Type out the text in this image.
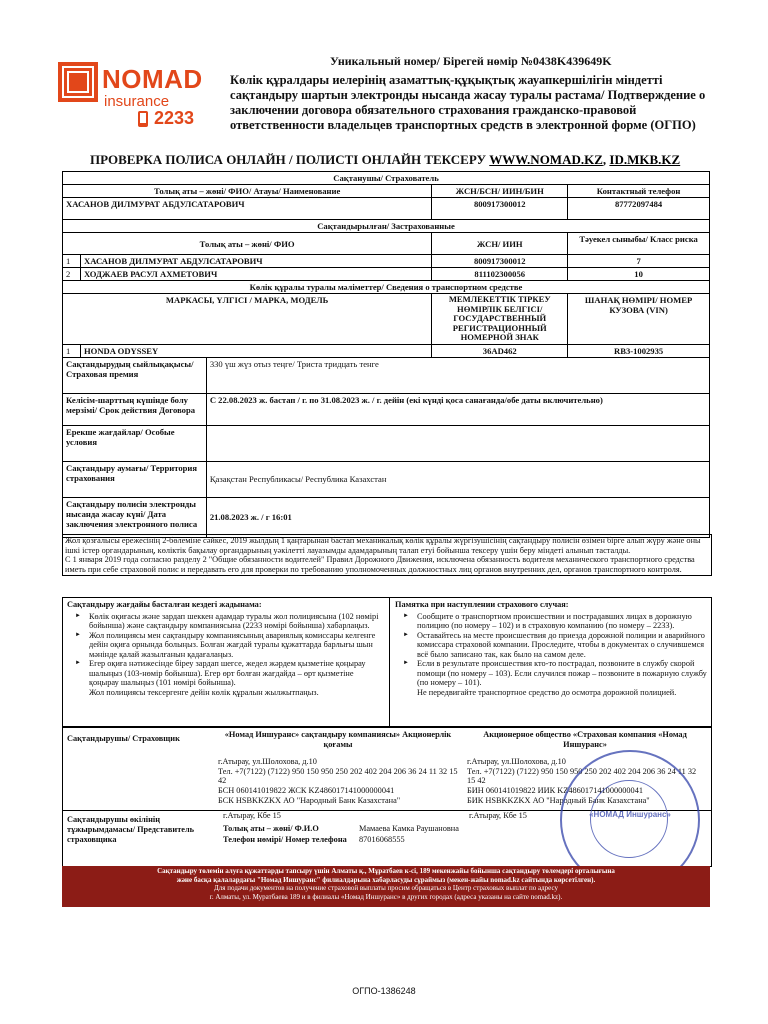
NOMAD
insurance
2233
Уникальный номер/ Бірегей нөмір №0438K439649K
Көлік құралдары иелерінің азаматтық-құқықтық жауапкершілігін міндетті сақтандыру шартын электронды нысанда жасау туралы растама/ Подтверждение о заключении договора обязательного страхования гражданско-правовой ответственности владельцев транспортных средств в электронной форме (ОГПО)
ПРОВЕРКА ПОЛИСА ОНЛАЙН / ПОЛИСТІ ОНЛАЙН ТЕКСЕРУ WWW.NOMAD.KZ, ID.MKB.KZ
Сақтанушы/ Страхователь				
Толық аты – жөні/ ФИО/ Атауы/ Наименование			ЖСН/БСН/ ИИН/БИН	Контактный телефон
ХАСАНОВ ДИЛМУРАТ АБДУЛСАТАРОВИЧ			800917300012	87772097484
Сақтандырылған/ Застрахованные				
Толық аты – жөні/ ФИО			ЖСН/ ИИН	Тәуекел сыныбы/ Класс риска
1	ХАСАНОВ ДИЛМУРАТ АБДУЛСАТАРОВИЧ		800917300012	7
2	ХОДЖАЕВ РАСУЛ АХМЕТОВИЧ		811102300056	10
Көлік құралы туралы мәліметтер/ Сведения о транспортном средстве				
МАРКАСЫ, ҮЛГІСІ / МАРКА, МОДЕЛЬ			МЕМЛЕКЕТТІК ТІРКЕУ НӨМІРЛІК БЕЛГІСІ/ ГОСУДАРСТВЕННЫЙ РЕГИСТРАЦИОННЫЙ НОМЕРНОЙ ЗНАК	ШАНАҚ НӨМІРІ/ НОМЕР КУЗОВА (VIN)
1	HONDA ODYSSEY		36AD462	RB3-1002935
Сақтандырудың сыйлықақысы/ Страховая премия		330 үш жүз отыз теңге/ Триста тридцать тенге		
Келісім-шарттың күшінде болу мерзімі/ Срок действия Договора		С 22.08.2023 ж. бастап / г. по 31.08.2023 ж. / г. дейін (екі күнді қоса санағанда/обе даты включительно)		
Ерекше жағдайлар/ Особые условия				
Сақтандыру аумағы/ Территория страхования		Қазақстан Республикасы/ Республика Казахстан		
Сақтандыру полисін электронды нысанда жасау күні/ Дата заключения электронного полиса		21.08.2023 ж. / г 16:01		
Жол қозғалысы ережесінің 2-бөлеміне сәйкес, 2019 жылдың 1 қаңтарынан бастап механикалық көлік құралы жүргізушісінің сақтандыру полисін өзімен бірге алып жүру және оны ішкі істер органдарының, көліктік бақылау органдарының уәкілетті лауазымды адамдарының талап етуі бойынша тексеру үшін беру міндеті алынып тасталды.
С 1 января 2019 года согласно разделу 2 "Общие обязанности водителей" Правил Дорожного Движения, исключена обязанность водителя механического транспортного средства иметь при себе страховой полис и передавать его для проверки по требованию уполномоченных должностных лиц органов внутренних дел, органов транспортного контроля.
Сақтандыру жағдайы басталған кездегі жадынама:
► Көлік оқиғасы және зардап шеккен адамдар туралы жол полициясына (102 нөмірі бойынша) және сақтандыру компаниясына (2233 нөмірі бойынша) хабарлаңыз.
► Жол полициясы мен сақтандыру компаниясының авариялық комиссары келгенге дейін оқиға орнында болыңыз. Болған жағдай туралы құжаттарда барлығы шын мәнінде қалай жазылғанын қадағалаңыз.
► Егер оқиға нәтижесінде біреу зардап шегсе, жедел жәрдем қызметіне қоңырау шалыңыз (103-нөмір бойынша). Егер өрт болған жағдайда – өрт қызметіне қоңырау шалыңыз (101 нөмірі бойынша).
Жол полициясы тексергенге дейін көлік құралын жылжытпаңыз.
Памятка при наступлении страхового случая:
► Сообщите о транспортном происшествии и пострадавших лицах в дорожную полицию (по номеру – 102) и в страховую компанию (по номеру – 2233).
► Оставайтесь на месте происшествия до приезда дорожной полиции и аварийного комиссара страховой компании. Проследите, чтобы в документах о случившемся всё было записано так, как было на самом деле.
► Если в результате происшествия кто-то пострадал, позвоните в службу скорой помощи (по номеру – 103). Если случился пожар – позвоните в пожарную службу (по номеру – 101).
Не передвигайте транспортное средство до осмотра дорожной полицией.
Сақтандырушы/ Страховщик	«Номад Иншуранс» сақтандыру компаниясы» Акционерлік қоғамы
г.Атырау, ул.Шолохова, д.10
Тел. +7(7122) (7122) 950 150 950 250 202 402 204 206 36 24 11 32 15 42
БСН 060141019822 ЖСК KZ486017141000000041
БСК HSBKKZKX АО "Народный Банк Казахстана"
Акционерное общество «Страховая компания «Номад Иншуранс»
г.Атырау, ул.Шолохова, д.10
Тел. +7(7122) (7122) 950 150 950 250 202 402 204 206 36 24 11 32 15 42
БИН 060141019822 ИИК KZ486017141000000041
БИК HSBKKZKX АО "Народный Банк Казахстана"
Сақтандырушы өкілінің тұжырымдамасы/ Представитель страховщика
г.Атырау, Кбе 15	г.Атырау, Кбе 15
Толық аты – жөні/ Ф.И.О	Мамаева Камка Раушановна
Телефон нөмірі/ Номер телефона 87016068555
«НОМАД Иншуранс»
Сақтандыру төлемін алуға құжаттарды тапсыру үшін Алматы қ., Мұратбаев к-сі, 189 мекенжайы бойынша сақтандыру төлемдері орталығына
және басқа қалалардағы "Номад Иншуранс" филиалдарына хабарласуды сұраймыз (мекен-жайы nomad.kz сайтында көрсетілген).
Для подачи документов на получение страховой выплаты просим обращаться в Центр страховых выплат по адресу
г. Алматы, ул. Муратбаева 189 и в филиалы «Номад Иншуранс» в других городах (адреса указаны на сайте nomad.kz).
ОГПО-1386248
